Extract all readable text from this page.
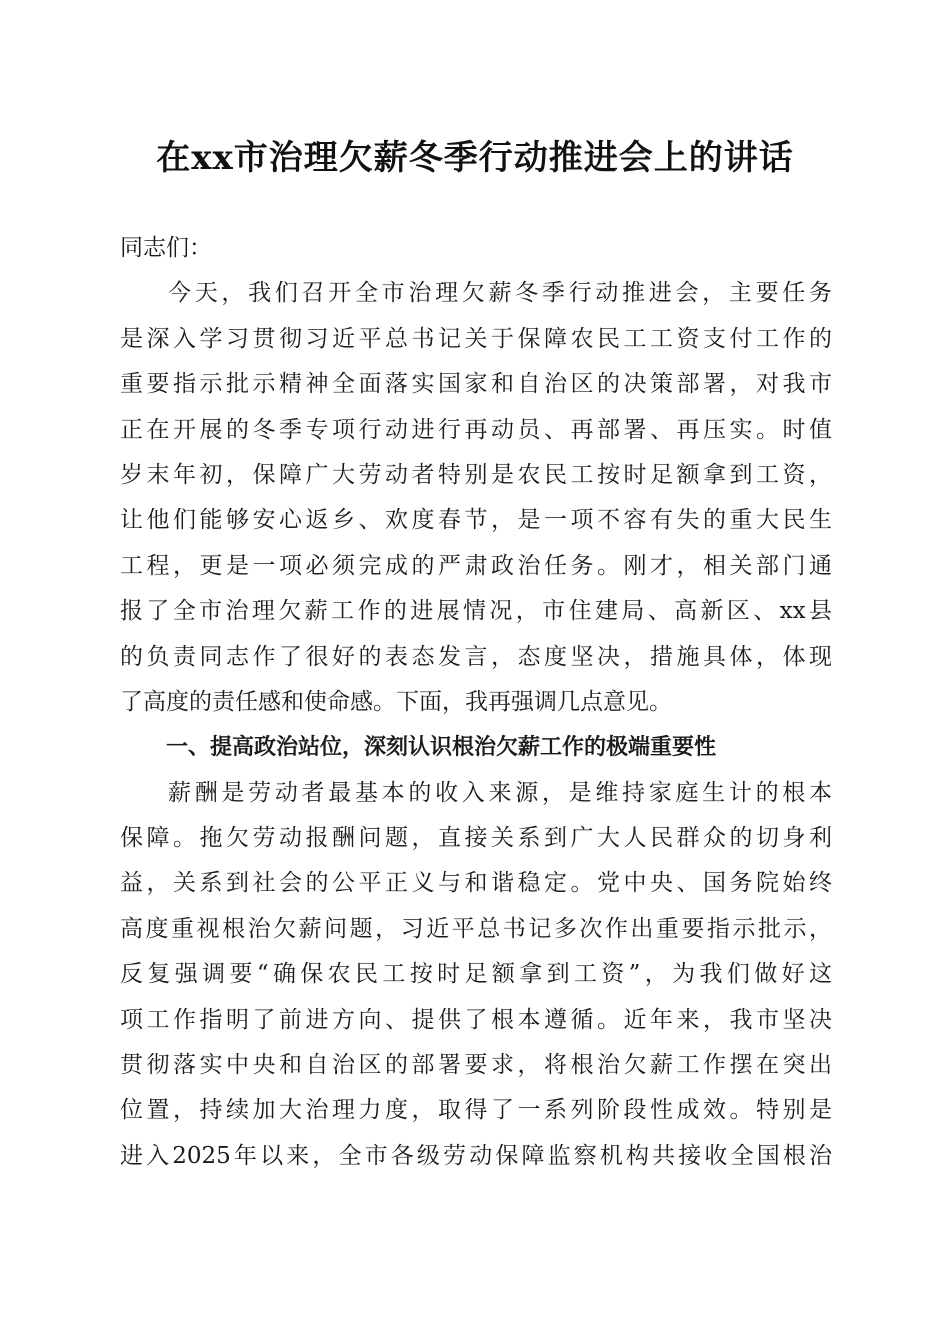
在xx市治理欠薪冬季行动推进会上的讲话
同志们：
今天，我们召开全市治理欠薪冬季行动推进会，主要任务
是深入学习贯彻习近平总书记关于保障农民工工资支付工作的
重要指示批示精神全面落实国家和自治区的决策部署，对我市
正在开展的冬季专项行动进行再动员、再部署、再压实。时值
岁末年初，保障广大劳动者特别是农民工按时足额拿到工资，
让他们能够安心返乡、欢度春节，是一项不容有失的重大民生
工程，更是一项必须完成的严肃政治任务。刚才，相关部门通
报了全市治理欠薪工作的进展情况，市住建局、高新区、xx县
的负责同志作了很好的表态发言，态度坚决，措施具体，体现
了高度的责任感和使命感。下面，我再强调几点意见。
一、提高政治站位，深刻认识根治欠薪工作的极端重要性
薪酬是劳动者最基本的收入来源，是维持家庭生计的根本
保障。拖欠劳动报酬问题，直接关系到广大人民群众的切身利
益，关系到社会的公平正义与和谐稳定。党中央、国务院始终
高度重视根治欠薪问题，习近平总书记多次作出重要指示批示，
反复强调要“确保农民工按时足额拿到工资”，为我们做好这
项工作指明了前进方向、提供了根本遵循。近年来，我市坚决
贯彻落实中央和自治区的部署要求，将根治欠薪工作摆在突出
位置，持续加大治理力度，取得了一系列阶段性成效。特别是
进入2025年以来，全市各级劳动保障监察机构共接收全国根治
